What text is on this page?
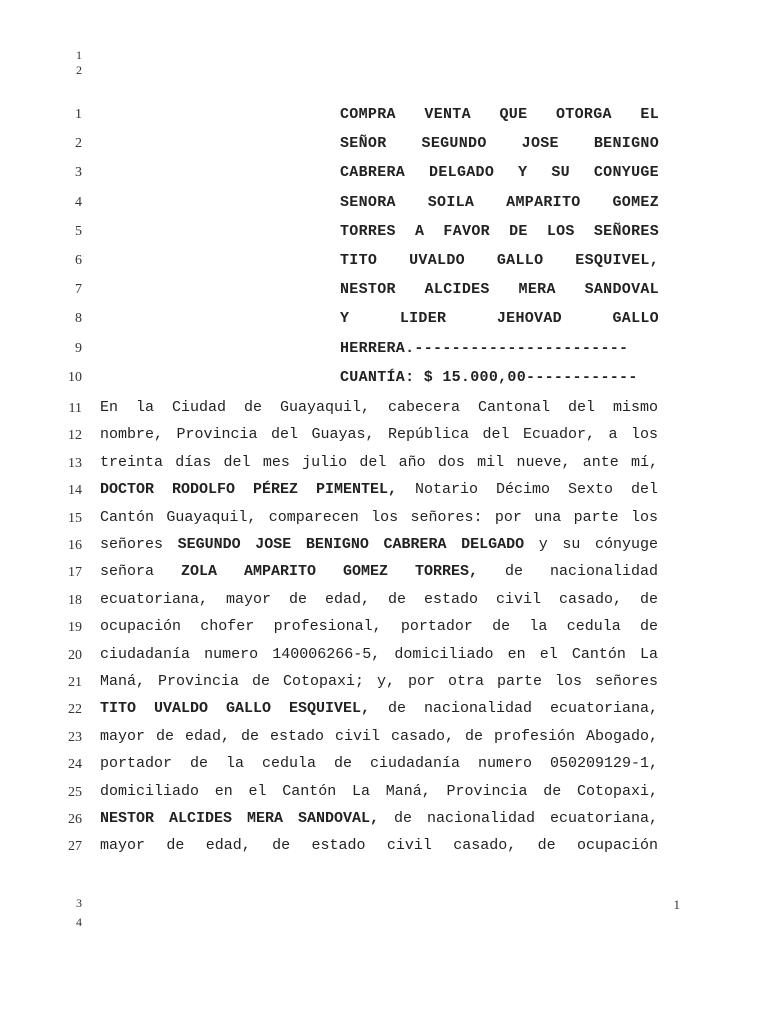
1
2
1	COMPRA VENTA QUE OTORGA EL
2	SEÑOR SEGUNDO JOSE BENIGNO
3	CABRERA DELGADO Y SU CONYUGE
4	SENORA SOILA AMPARITO GOMEZ
5	TORRES A FAVOR DE LOS SEÑORES
6	TITO UVALDO GALLO ESQUIVEL,
7	NESTOR ALCIDES MERA SANDOVAL
8	Y LIDER JEHOVAD GALLO
9	HERRERA.-----------------------
10	CUANTÍA: $ 15.000,00------------
11 En la Ciudad de Guayaquil, cabecera Cantonal del mismo
12 nombre, Provincia del Guayas, República del Ecuador, a los
13 treinta días del mes julio del año dos mil nueve, ante mí,
14 DOCTOR RODOLFO PÉREZ PIMENTEL, Notario Décimo Sexto del
15 Cantón Guayaquil, comparecen los señores: por una parte los
16 señores SEGUNDO JOSE BENIGNO CABRERA DELGADO y su cónyuge
17 señora ZOLA AMPARITO GOMEZ TORRES, de nacionalidad
18 ecuatoriana, mayor de edad, de estado civil casado, de
19 ocupación chofer profesional, portador de la cedula de
20 ciudadanía numero 140006266-5, domiciliado en el Cantón La
21 Maná, Provincia de Cotopaxi; y, por otra parte los señores
22 TITO UVALDO GALLO ESQUIVEL, de nacionalidad ecuatoriana,
23 mayor de edad, de estado civil casado, de profesión Abogado,
24 portador de la cedula de ciudadanía numero 050209129-1,
25 domiciliado en el Cantón La Maná, Provincia de Cotopaxi,
26 NESTOR ALCIDES MERA SANDOVAL, de nacionalidad ecuatoriana,
27 mayor de edad, de estado civil casado, de ocupación
3
4
1
